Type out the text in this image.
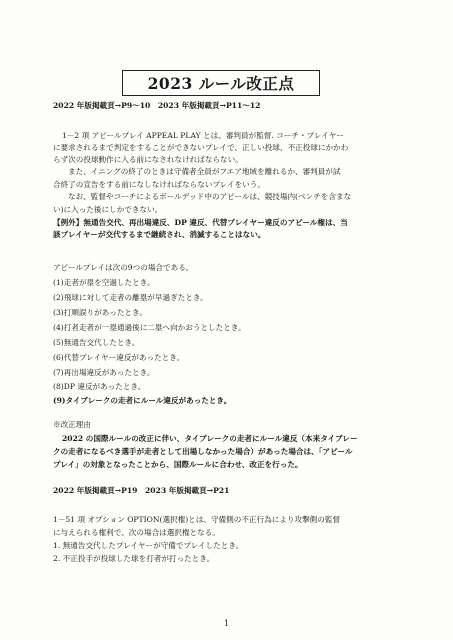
2023 ルール改正点
2022 年版掲載頁→P9～10　2023 年版掲載頁→P11～12
1－2 項 アピールプレイ APPEAL PLAY とは、審判員が監督. コーチ・プレイヤー
に要求されるまで判定をすることができないプレイで、正しい投球、不正投球にかかわ
らず次の投球動作に入る前になされなければならない。
また、イニングの終了のときは守備者全員がフエア地域を離れるか、審判員が試
合終了の宣告をする前になしなければならないプレイをいう。
なお、監督やコーチによるボールデッド中のアピールは、競技場内(ベンチを含まな
い)に入った後にしかできない。
【例外】無通告交代、再出場違反、DP 違反、代替プレイヤー違反のアピール権は、当
該プレイヤーが交代するまで継続され、消滅することはない。
アピールプレイは次の9つの場合である。
(1)走者が塁を空過したとき。
(2)飛球に対して走者の離塁が早過ぎたとき。
(3)打順誤りがあったとき。
(4)打者走者が一塁通過後に二塁へ向かおうとしたとき。
(5)無通告交代したとき。
(6)代替プレイヤー違反があったとき。
(7)再出場違反があったとき。
(8)DP 違反があったとき。
(9)タイブレークの走者にルール違反があったとき。
※改正理由
2022 の国際ルールの改正に伴い、タイブレークの走者にルール違反（本来タイブレー
クの走者になるべき選手が走者として出場しなかった場合）があった場合は、「アピール
プレイ」の対象となったことから、国際ルールに合わせ、改正を行った。
2022 年版掲載頁→P19　2023 年版掲載頁→P21
1－51 項 オプション OPTION(選択権)とは、守備側の不正行為により攻撃側の監督
に与えられる権利で、次の場合は選択権となる。
1. 無通告交代したプレイヤーが守備でプレイしたとき。
2. 不正投手が投球した球を打者が打ったとき。
1
